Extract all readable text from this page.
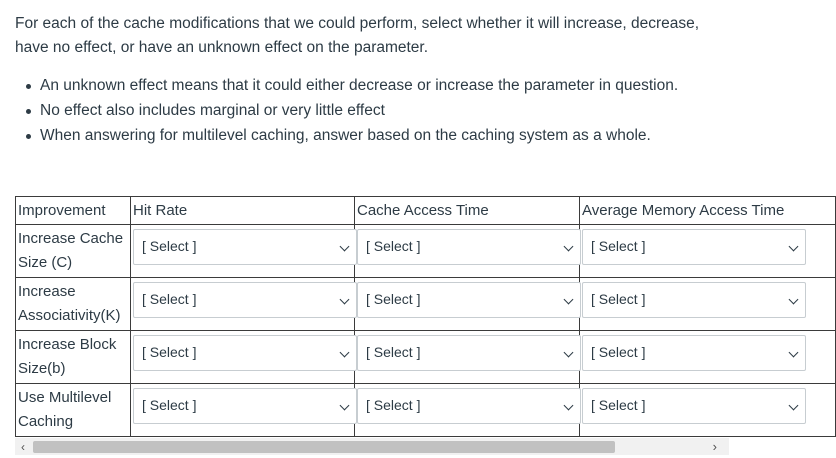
For each of the cache modifications that we could perform, select whether it will increase, decrease, have no effect, or have an unknown effect on the parameter.

An unknown effect means that it could either decrease or increase the parameter in question.
No effect also includes marginal or very little effect
When answering for multilevel caching, answer based on the caching system as a whole.
Improvement	Hit Rate	Cache Access Time	Average Memory Access Time
Increase Cache Size (C)	[ Select ]	[ Select ]	[ Select ]

Increase Associativity(K)	[ Select ]	[ Select ]	[ Select ]

Increase Block Size(b)	[ Select ]	[ Select ]	[ Select ]

Use Multilevel Caching	[ Select ]	[ Select ]	[ Select ]
‹	›
